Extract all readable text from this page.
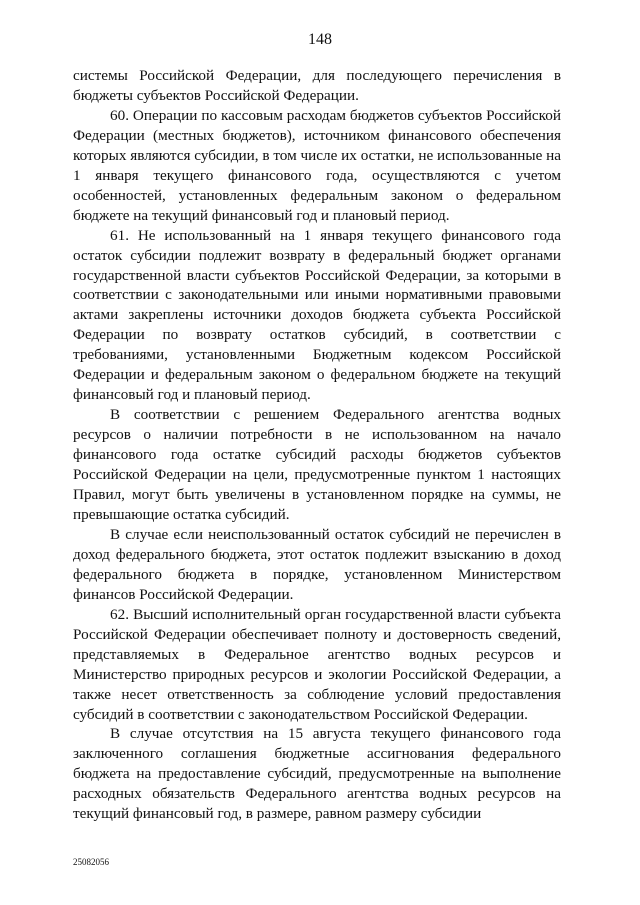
148

системы Российской Федерации, для последующего перечисления в бюджеты субъектов Российской Федерации.

60. Операции по кассовым расходам бюджетов субъектов Российской Федерации (местных бюджетов), источником финансового обеспечения которых являются субсидии, в том числе их остатки, не использованные на 1 января текущего финансового года, осуществляются с учетом особенностей, установленных федеральным законом о федеральном бюджете на текущий финансовый год и плановый период.

61. Не использованный на 1 января текущего финансового года остаток субсидии подлежит возврату в федеральный бюджет органами государственной власти субъектов Российской Федерации, за которыми в соответствии с законодательными или иными нормативными правовыми актами закреплены источники доходов бюджета субъекта Российской Федерации по возврату остатков субсидий, в соответствии с требованиями, установленными Бюджетным кодексом Российской Федерации и федеральным законом о федеральном бюджете на текущий финансовый год и плановый период.

В соответствии с решением Федерального агентства водных ресурсов о наличии потребности в не использованном на начало финансового года остатке субсидий расходы бюджетов субъектов Российской Федерации на цели, предусмотренные пунктом 1 настоящих Правил, могут быть увеличены в установленном порядке на суммы, не превышающие остатка субсидий.

В случае если неиспользованный остаток субсидий не перечислен в доход федерального бюджета, этот остаток подлежит взысканию в доход федерального бюджета в порядке, установленном Министерством финансов Российской Федерации.

62. Высший исполнительный орган государственной власти субъекта Российской Федерации обеспечивает полноту и достоверность сведений, представляемых в Федеральное агентство водных ресурсов и Министерство природных ресурсов и экологии Российской Федерации, а также несет ответственность за соблюдение условий предоставления субсидий в соответствии с законодательством Российской Федерации.

В случае отсутствия на 15 августа текущего финансового года заключенного соглашения бюджетные ассигнования федерального бюджета на предоставление субсидий, предусмотренные на выполнение расходных обязательств Федерального агентства водных ресурсов на текущий финансовый год, в размере, равном размеру субсидии

25082056
